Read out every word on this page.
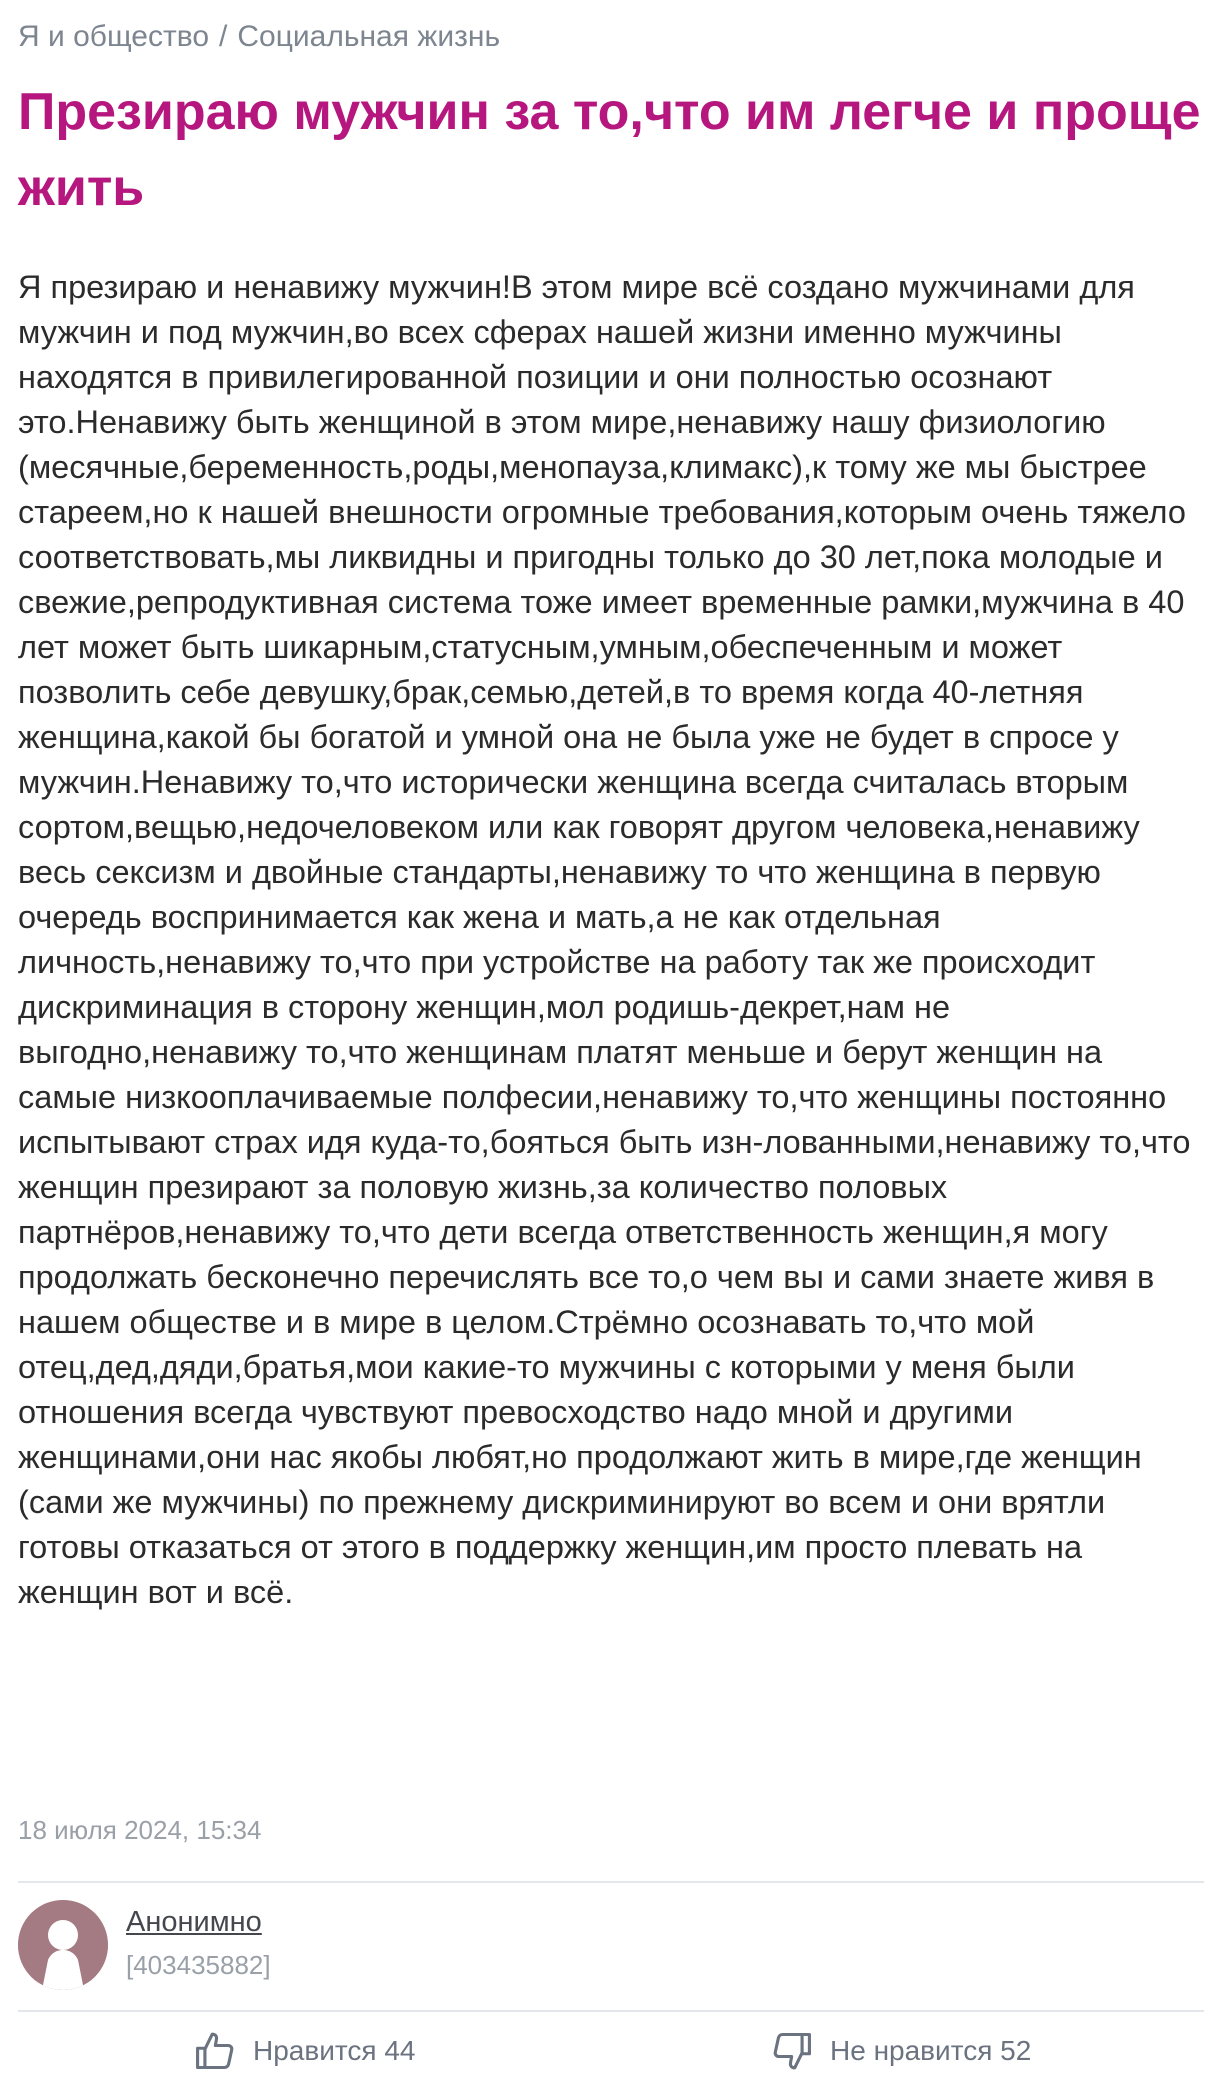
Я и общество / Социальная жизнь
Презираю мужчин за то,что им легче и проще жить

Я презираю и ненавижу мужчин!В этом мире всё создано мужчинами для мужчин и под мужчин,во всех сферах нашей жизни именно мужчины находятся в привилегированной позиции и они полностью осознают это.Ненавижу быть женщиной в этом мире,ненавижу нашу физиологию (месячные,беременность,роды,менопауза,климакс),к тому же мы быстрее стареем,но к нашей внешности огромные требования,которым очень тяжело соответствовать,мы ликвидны и пригодны только до 30 лет,пока молодые и свежие,репродуктивная система тоже имеет временные рамки,мужчина в 40 лет может быть шикарным,статусным,умным,обеспеченным и может позволить себе девушку,брак,семью,детей,в то время когда 40-летняя женщина,какой бы богатой и умной она не была уже не будет в спросе у мужчин.Ненавижу то,что исторически женщина всегда считалась вторым сортом,вещью,недочеловеком или как говорят другом человека,ненавижу весь сексизм и двойные стандарты,ненавижу то что женщина в первую очередь воспринимается как жена и мать,а не как отдельная личность,ненавижу то,что при устройстве на работу так же происходит дискриминация в сторону женщин,мол родишь-декрет,нам не выгодно,ненавижу то,что женщинам платят меньше и берут женщин на самые низкооплачиваемые полфесии,ненавижу то,что женщины постоянно испытывают страх идя куда-то,бояться быть изн-лованными,ненавижу то,что женщин презирают за половую жизнь,за количество половых партнёров,ненавижу то,что дети всегда ответственность женщин,я могу продолжать бесконечно перечислять все то,о чем вы и сами знаете живя в нашем обществе и в мире в целом.Стрёмно осознавать то,что мой отец,дед,дяди,братья,мои какие-то мужчины с которыми у меня были отношения всегда чувствуют превосходство надо мной и другими женщинами,они нас якобы любят,но продолжают жить в мире,где женщин (сами же мужчины) по прежнему дискриминируют во всем и они врятли готовы отказаться от этого в поддержку женщин,им просто плевать на женщин вот и всё.

18 июля 2024, 15:34
Анонимно
[403435882]
Нравится 44	Не нравится 52
